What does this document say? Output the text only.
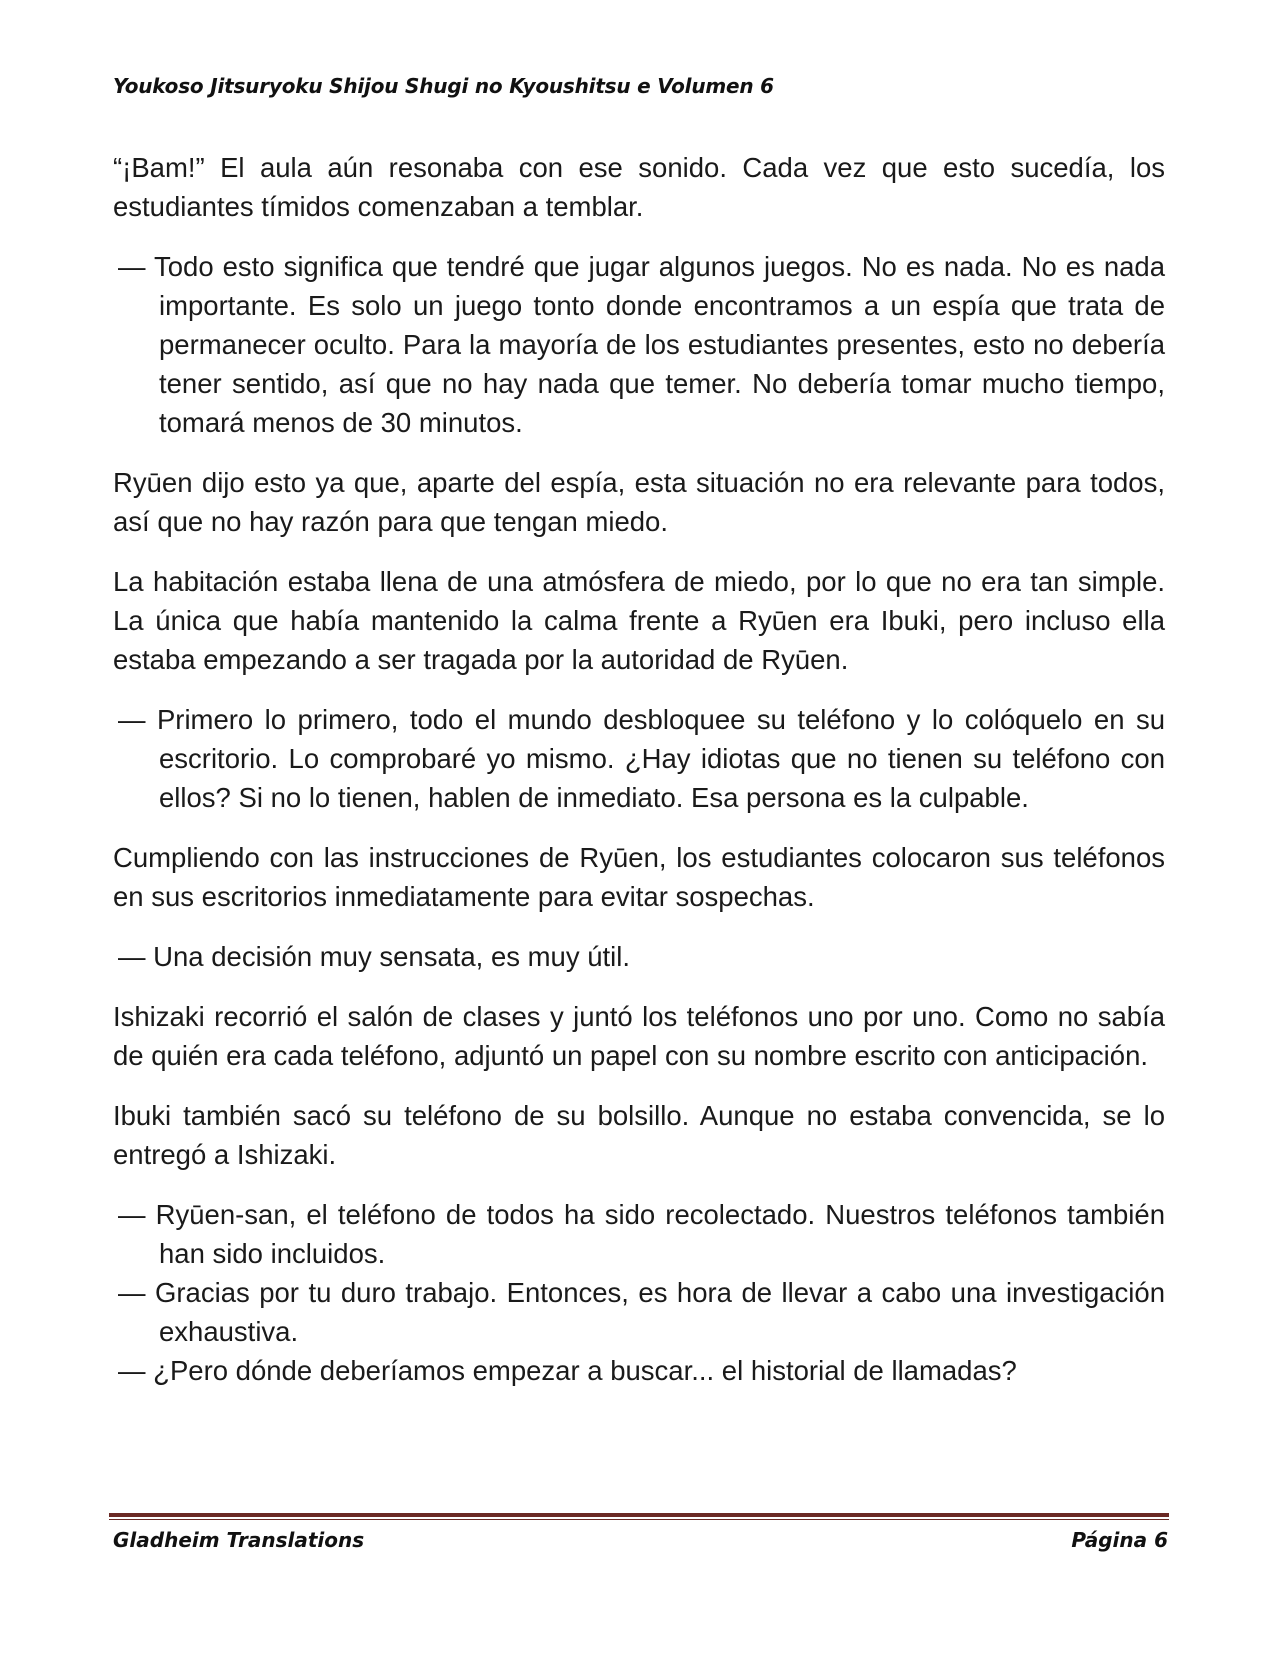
Youkoso Jitsuryoku Shijou Shugi no Kyoushitsu e Volumen 6

“¡Bam!” El aula aún resonaba con ese sonido. Cada vez que esto sucedía, los estudiantes tímidos comenzaban a temblar.

— Todo esto significa que tendré que jugar algunos juegos. No es nada. No es nada importante. Es solo un juego tonto donde encontramos a un espía que trata de permanecer oculto. Para la mayoría de los estudiantes presentes, esto no debería tener sentido, así que no hay nada que temer. No debería tomar mucho tiempo, tomará menos de 30 minutos.

Ryūen dijo esto ya que, aparte del espía, esta situación no era relevante para todos, así que no hay razón para que tengan miedo.

La habitación estaba llena de una atmósfera de miedo, por lo que no era tan simple. La única que había mantenido la calma frente a Ryūen era Ibuki, pero incluso ella estaba empezando a ser tragada por la autoridad de Ryūen.

— Primero lo primero, todo el mundo desbloquee su teléfono y lo colóquelo en su escritorio. Lo comprobaré yo mismo. ¿Hay idiotas que no tienen su teléfono con ellos? Si no lo tienen, hablen de inmediato. Esa persona es la culpable.

Cumpliendo con las instrucciones de Ryūen, los estudiantes colocaron sus teléfonos en sus escritorios inmediatamente para evitar sospechas.

— Una decisión muy sensata, es muy útil.

Ishizaki recorrió el salón de clases y juntó los teléfonos uno por uno. Como no sabía de quién era cada teléfono, adjuntó un papel con su nombre escrito con anticipación.

Ibuki también sacó su teléfono de su bolsillo. Aunque no estaba convencida, se lo entregó a Ishizaki.

— Ryūen-san, el teléfono de todos ha sido recolectado. Nuestros teléfonos también han sido incluidos.

— Gracias por tu duro trabajo. Entonces, es hora de llevar a cabo una investigación exhaustiva.

— ¿Pero dónde deberíamos empezar a buscar... el historial de llamadas?

Gladheim Translations	Página 6
